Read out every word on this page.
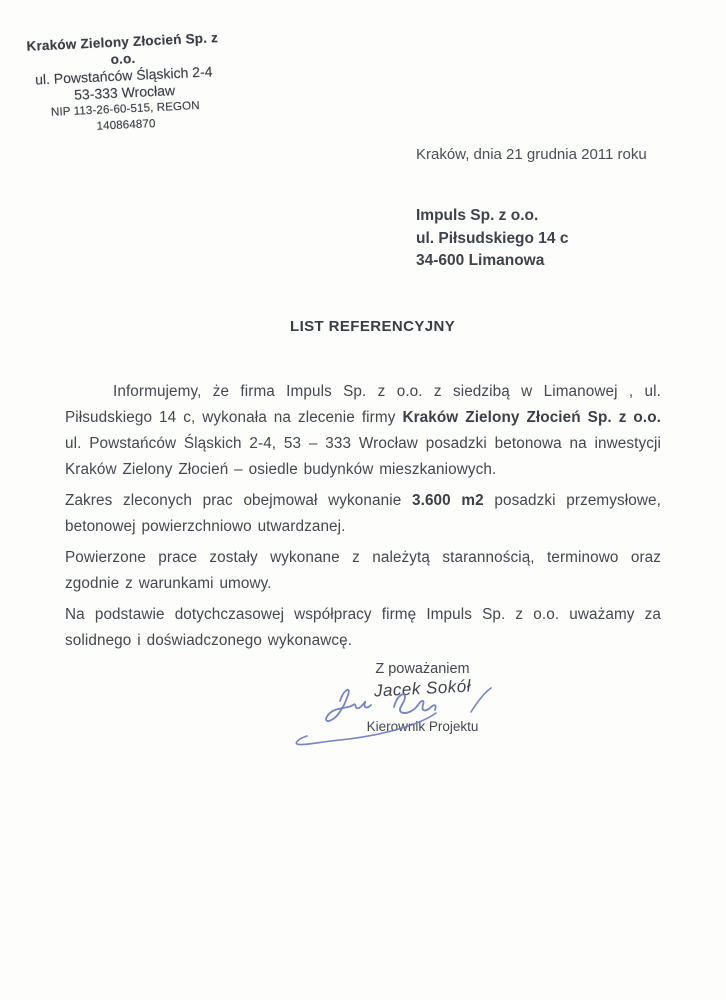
Kraków Zielony Złocień Sp. z o.o.
ul. Powstańców Śląskich 2-4
53-333 Wrocław
NIP 113-26-60-515, REGON 140864870
Kraków, dnia 21 grudnia 2011 roku
Impuls Sp. z o.o.
ul. Piłsudskiego 14 c
34-600 Limanowa
LIST REFERENCYJNY

Informujemy, że firma Impuls Sp. z o.o. z siedzibą w Limanowej , ul. Piłsudskiego 14 c, wykonała na zlecenie firmy Kraków Zielony Złocień Sp. z o.o. ul. Powstańców Śląskich 2-4, 53 – 333 Wrocław posadzki betonowa na inwestycji Kraków Zielony Złocień – osiedle budynków mieszkaniowych.

Zakres zleconych prac obejmował wykonanie 3.600 m2 posadzki przemysłowe, betonowej powierzchniowo utwardzanej.

Powierzone prace zostały wykonane z należytą starannością, terminowo oraz zgodnie z warunkami umowy.

Na podstawie dotychczasowej współpracy firmę Impuls Sp. z o.o. uważamy za solidnego i doświadczonego wykonawcę.

Z poważaniem
Jacek Sokół
Kierownik Projektu
